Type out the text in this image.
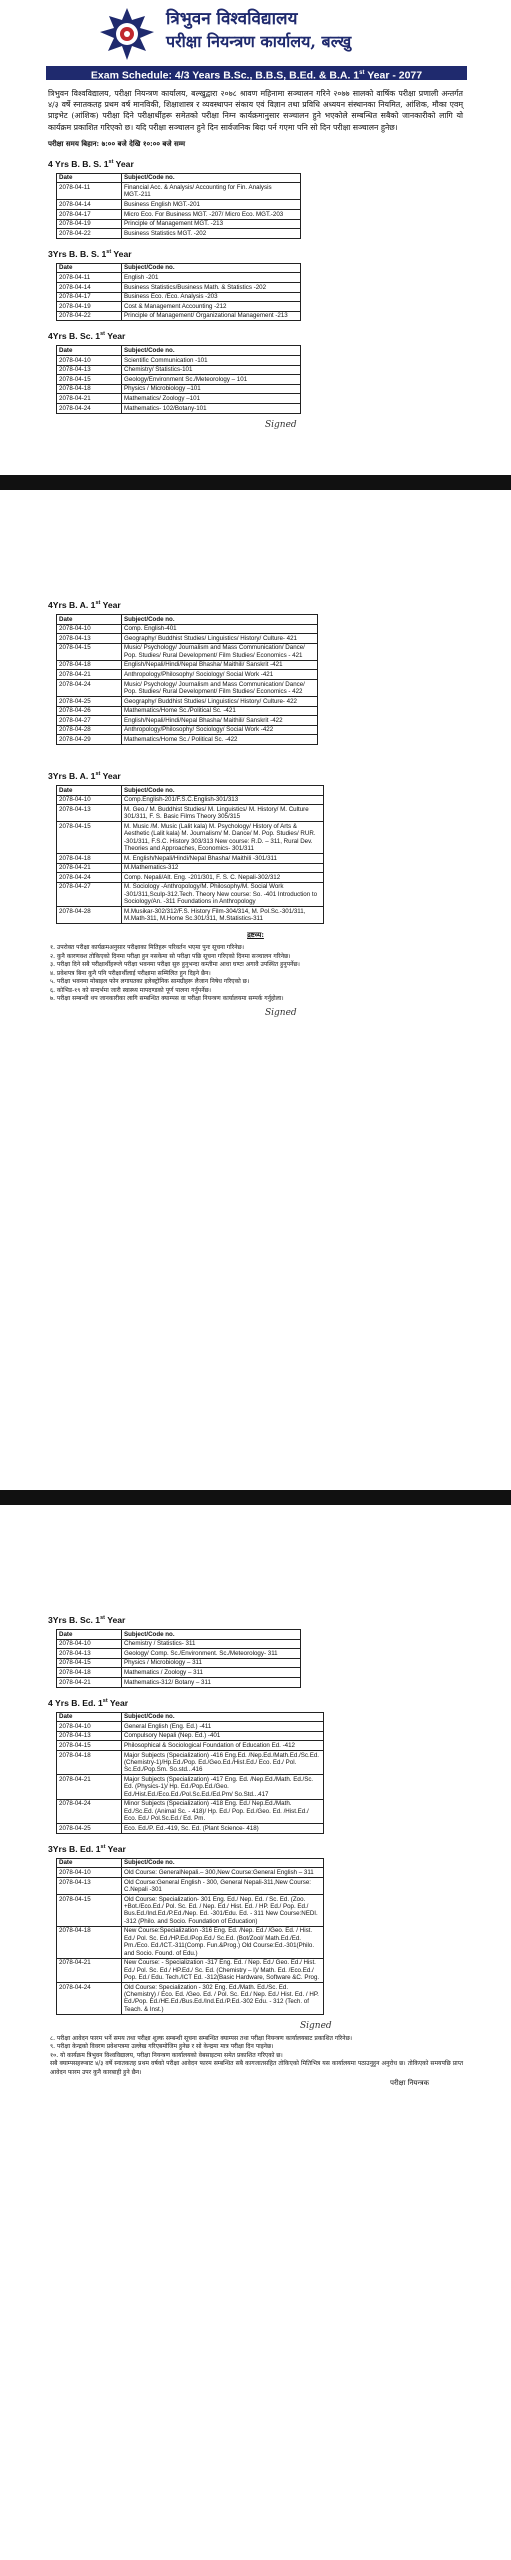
त्रिभुवन विश्वविद्यालय
परीक्षा नियन्त्रण कार्यालय, बल्खु
Exam Schedule: 4/3 Years B.Sc., B.B.S, B.Ed. & B.A. 1st Year - 2077

त्रिभुवन विश्वविद्यालय, परीक्षा नियन्त्रण कार्यालय, बल्खुद्वारा २०७८ श्रावण महिनामा सञ्चालन गरिने २०७७ सालको वार्षिक परीक्षा प्रणाली अन्तर्गत ४/३ वर्षे स्नातकतह प्रथम वर्ष मानविकी, शिक्षाशास्त्र र व्यवस्थापन संकाय एवं विज्ञान तथा प्रविधि अध्ययन संस्थानका नियमित, आंशिक, मौका एवम् प्राइभेट (आंशिक) परीक्षा दिने परीक्षार्थीहरू समेतको परीक्षा निम्न कार्यक्रमानुसार सञ्चालन हुने भएकोले सम्बन्धित सबैको जानकारीको लागि यो कार्यक्रम प्रकाशित गरिएको छ। यदि परीक्षा सञ्चालन हुने दिन सार्वजनिक बिदा पर्न गएमा पनि सो दिन परीक्षा सञ्चालन हुनेछ।

परीक्षा समय बिहान: ७:०० बजे देखि १०:०० बजे सम्म
4 Yrs B. B. S. 1st Year
Date	Subject/Code no.
2078-04-11	Financial Acc. & Analysis/ Accounting for Fin. Analysis MGT.-211
2078-04-14	Business English MGT.-201
2078-04-17	Micro Eco. For Business MGT. -207/ Micro Eco. MGT.-203
2078-04-19	Principle of Management MGT. -213
2078-04-22	Business Statistics MGT. -202
3Yrs B. B. S. 1st Year
Date	Subject/Code no.
2078-04-11	English -201
2078-04-14	Business Statistics/Business Math. & Statistics -202
2078-04-17	Business Eco. /Eco. Analysis -203
2078-04-19	Cost & Management Accounting -212
2078-04-22	Principle of Management/ Organizational Management -213
4Yrs B. Sc. 1st Year
Date	Subject/Code no.
2078-04-10	Scientific Communication -101
2078-04-13	Chemistry/ Statistics-101
2078-04-15	Geology/Environment Sc./Meteorology – 101
2078-04-18	Physics / Microbiology –101
2078-04-21	Mathematics/ Zoology –101
2078-04-24	Mathematics- 102/Botany-101
Signed
4Yrs B. A. 1st Year
Date	Subject/Code no.
2078-04-10	Comp. English-401
2078-04-13	Geography/ Buddhist Studies/ Linguistics/ History/ Culture- 421
2078-04-15	Music/ Psychology/ Journalism and Mass Communication/ Dance/ Pop. Studies/ Rural Development/ Film Studies/ Economics - 421
2078-04-18	English/Nepali/Hindi/Nepal Bhasha/ Maithili/ Sanskrit -421
2078-04-21	Anthropology/Philosophy/ Sociology/ Social Work -421
2078-04-24	Music/ Psychology/ Journalism and Mass Communication/ Dance/ Pop. Studies/ Rural Development/ Film Studies/ Economics - 422
2078-04-25	Geography/ Buddhist Studies/ Linguistics/ History/ Culture- 422
2078-04-26	Mathematics/Home Sc./Political Sc. -421
2078-04-27	English/Nepali/Hindi/Nepal Bhasha/ Maithili/ Sanskrit -422
2078-04-28	Anthropology/Philosophy/ Sociology/ Social Work -422
2078-04-29	Mathematics/Home Sc./ Political Sc. -422
3Yrs B. A. 1st Year
Date	Subject/Code no.
2078-04-10	Comp.English-201/F.S.C.English-301/313
2078-04-13	M. Geo./ M. Buddhist Studies/ M. Linguistics/ M. History/ M. Culture 301/311, F. S. Basic Films Theory 305/315
2078-04-15	M. Music /M. Music (Lalit kala) M. Psychology/ History of Arts & Aesthetic (Lalit kala) M. Journalism/ M. Dance/ M. Pop. Studies/ RUR. -301/311, F.S.C. History 303/313 New course: R.D. – 311, Rural Dev. Theories and Approaches, Economics- 301/311
2078-04-18	M. English/Nepali/Hindi/Nepal Bhasha/ Maithili -301/311
2078-04-21	M.Mathematics-312
2078-04-24	Comp. Nepali/Alt. Eng. -201/301, F. S. C. Nepali-302/312
2078-04-27	M. Sociology -Anthropology/M. Philosophy/M. Social Work -301/311,Sculp-312.Tech. Theory New course: So. -401 Introduction to Sociology/An. -311 Foundations in Anthropology
2078-04-28	M.Musikar-302/312/F.S. History Film-304/314, M. Pol.Sc.-301/311, M.Math-311, M.Home Sc.301/311, M.Statistics-311
द्रष्टव्य:
१. उपरोक्त परीक्षा कार्यक्रमअनुसार परीक्षाका मितिहरू परिवर्तन भएमा पुनः सूचना गरिनेछ।
२. कुनै कारणवश तोकिएको दिनमा परीक्षा हुन नसकेमा सो परीक्षा पछि सूचना गरिएको दिनमा सञ्चालन गरिनेछ।
३. परीक्षा दिने सबै परीक्षार्थीहरूले परीक्षा भवनमा परीक्षा सुरु हुनुभन्दा कम्तीमा आधा घण्टा अगावै उपस्थित हुनुपर्नेछ।
४. प्रवेशपत्र बिना कुनै पनि परीक्षार्थीलाई परीक्षामा सम्मिलित हुन दिइने छैन।
५. परीक्षा भवनमा मोबाइल फोन लगायतका इलेक्ट्रोनिक सामग्रीहरू लैजान निषेध गरिएको छ।
६. कोभिड-१९ को सन्दर्भमा जारी स्वास्थ्य मापदण्डको पूर्ण पालना गर्नुपर्नेछ।
७. परीक्षा सम्बन्धी थप जानकारीका लागि सम्बन्धित क्याम्पस वा परीक्षा नियन्त्रण कार्यालयमा सम्पर्क गर्नुहोला।
Signed
3Yrs B. Sc. 1st Year
Date	Subject/Code no.
2078-04-10	Chemistry / Statistics- 311
2078-04-13	Geology/ Comp. Sc./Environment. Sc./Meteorology- 311
2078-04-15	Physics / Microbiology – 311
2078-04-18	Mathematics / Zoology – 311
2078-04-21	Mathematics-312/ Botany – 311
4 Yrs B. Ed. 1st Year
Date	Subject/Code no.
2078-04-10	General English (Eng. Ed.) -411
2078-04-13	Compulsory Nepali (Nep. Ed.) -401
2078-04-15	Philosophical & Sociological Foundation of Education Ed. -412
2078-04-18	Major Subjects (Specialization) -416 Eng.Ed. /Nep.Ed./Math.Ed./Sc.Ed. (Chemistry-1)/Hp.Ed./Pop. Ed./Geo.Ed./Hist.Ed./ Eco. Ed./ Pol. Sc.Ed./Pop.Sm. So.std...416
2078-04-21	Major Subjects (Specialization) -417 Eng. Ed. /Nep.Ed./Math. Ed./Sc. Ed. (Physics-1)/ Hp. Ed./Pop.Ed./Geo. Ed./Hist.Ed./Eco.Ed./Pol.Sc.Ed./Ed.Pm/ So.Std...417
2078-04-24	Minor Subjects (Specialization) -418 Eng. Ed./ Nep.Ed./Math. Ed./Sc.Ed. (Animal Sc. - 418)/ Hp. Ed./ Pop. Ed./Geo. Ed. /Hist.Ed./ Eco. Ed./ Pol.Sc.Ed./ Ed. Pm.
2078-04-25	Eco. Ed./P. Ed.-419, Sc. Ed. (Plant Science- 418)
3Yrs B. Ed. 1st Year
Date	Subject/Code no.
2078-04-10	Old Course: GeneralNepali.– 300,New Course:General English – 311
2078-04-13	Old Course:General English - 300, General Nepali-311,New Course: C.Nepali -301
2078-04-15	Old Course: Specialization- 301 Eng. Ed./ Nep. Ed. / Sc. Ed. (Zoo. +Bot./Eco.Ed./ Pol. Sc. Ed. / Nep. Ed./ Hist. Ed. / HP. Ed./ Pop. Ed./ Bus.Ed./Ind.Ed./P.Ed./Nep. Ed. -301/Edu. Ed. - 311 New Course:NEDI. -312 (Philo. and Socio. Foundation of Education)
2078-04-18	New Course:Specialization -316 Eng. Ed. /Nep. Ed./ /Geo. Ed. / Hist. Ed./ Pol. Sc. Ed./HP.Ed./Pop.Ed./ Sc.Ed. (Bot/Zool/ Math.Ed./Ed. Pm./Eco. Ed./ICT.-311(Comp. Fun.&Prog.) Old Course:Ed.-301(Philo. and Socio. Found. of Edu.)
2078-04-21	New Course: - Specialization -317 Eng. Ed. / Nep. Ed./ Geo. Ed./ Hist. Ed./ Pol. Sc. Ed./ HP.Ed./ Sc. Ed. (Chemistry – I)/ Math. Ed. /Eco.Ed./ Pop. Ed./ Edu. Tech./ICT Ed. -312(Basic Hardware, Software &C. Prog.
2078-04-24	Old Course: Specialization - 302 Eng. Ed./Math. Ed./Sc. Ed. (Chemistry) / Eco. Ed. /Geo. Ed. / Pol. Sc. Ed./ Nep. Ed./ Hist. Ed. / HP. Ed./Pop. Ed./HE.Ed./Bus.Ed./Ind.Ed./P.Ed.-302 Edu. - 312 (Tech. of Teach. & Inst.)
Signed
८. परीक्षा आवेदन फारम भर्ने समय तथा परीक्षा शुल्क सम्बन्धी सूचना सम्बन्धित क्याम्पस तथा परीक्षा नियन्त्रण कार्यालयबाट प्रकाशित गरिनेछ।
९. परीक्षा केन्द्रको विवरण प्रवेशपत्रमा उल्लेख गरिएबमोजिम हुनेछ र सो केन्द्रमा मात्र परीक्षा दिन पाइनेछ।
१०. यो कार्यक्रम त्रिभुवन विश्वविद्यालय, परीक्षा नियन्त्रण कार्यालयको वेबसाइटमा समेत प्रकाशित गरिएको छ।
सबै क्याम्पसहरूबाट ४/३ वर्षे स्नातकतह प्रथम वर्षको परीक्षा आवेदन फारम सम्बन्धित सबै कागजातसहित तोकिएको मितिभित्र यस कार्यालयमा पठाउनुहुन अनुरोध छ। तोकिएको समयपछि प्राप्त आवेदन फारम उपर कुनै कारबाही हुने छैन।
परीक्षा नियन्त्रक
